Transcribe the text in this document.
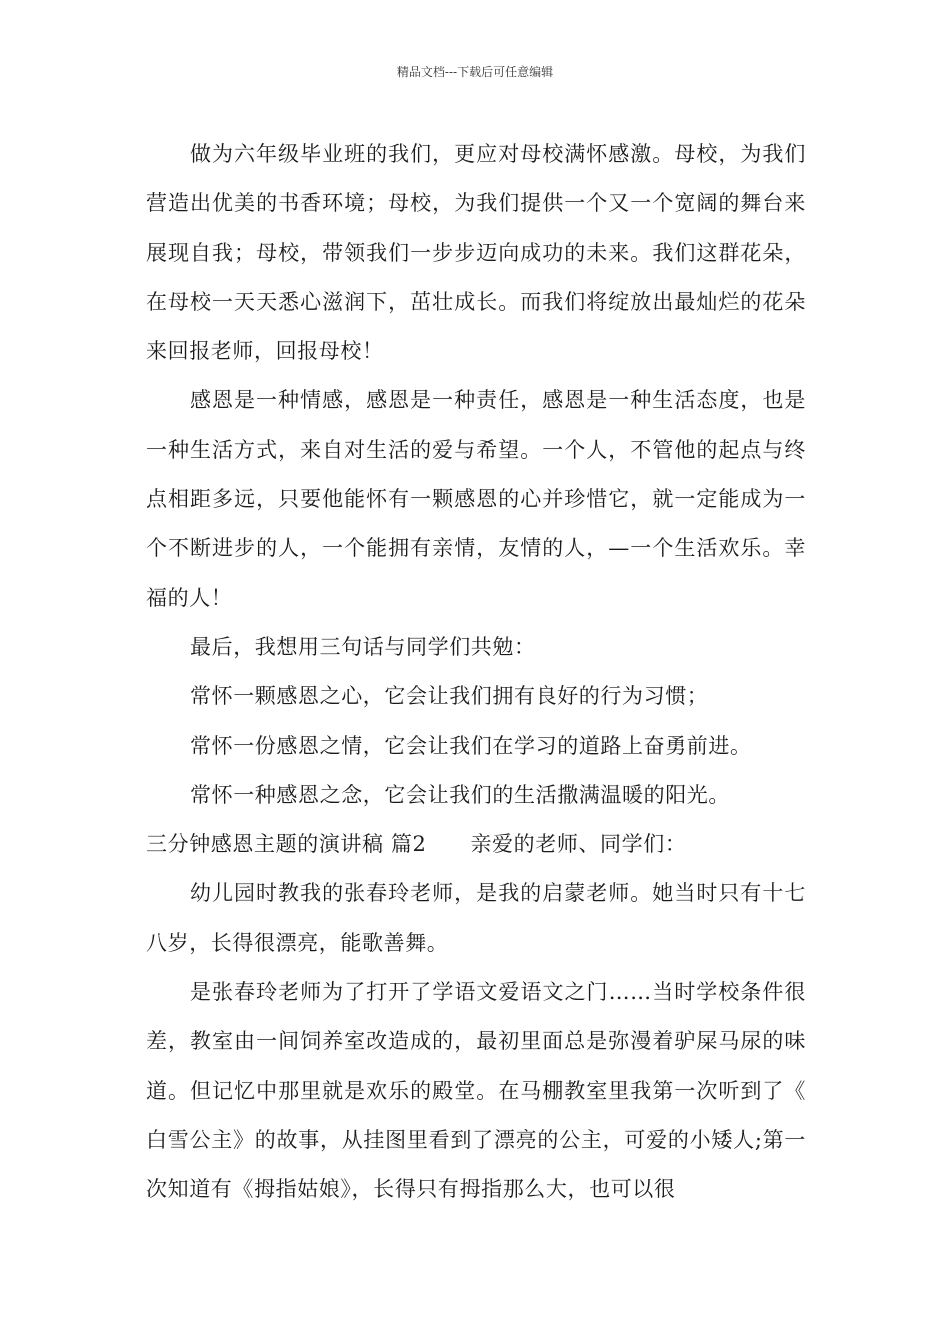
精品文档---下载后可任意编辑

做为六年级毕业班的我们，更应对母校满怀感激。母校，为我们营造出优美的书香环境；母校，为我们提供一个又一个宽阔的舞台来展现自我；母校，带领我们一步步迈向成功的未来。我们这群花朵，在母校一天天悉心滋润下，茁壮成长。而我们将绽放出最灿烂的花朵来回报老师，回报母校！

感恩是一种情感，感恩是一种责任，感恩是一种生活态度，也是一种生活方式，来自对生活的爱与希望。一个人，不管他的起点与终点相距多远，只要他能怀有一颗感恩的心并珍惜它，就一定能成为一个不断进步的人，一个能拥有亲情，友情的人，—一个生活欢乐。幸福的人！

最后，我想用三句话与同学们共勉：

常怀一颗感恩之心，它会让我们拥有良好的行为习惯；

常怀一份感恩之情，它会让我们在学习的道路上奋勇前进。

常怀一种感恩之念，它会让我们的生活撒满温暖的阳光。

三分钟感恩主题的演讲稿 篇2 亲爱的老师、同学们：

幼儿园时教我的张春玲老师，是我的启蒙老师。她当时只有十七八岁，长得很漂亮，能歌善舞。

是张春玲老师为了打开了学语文爱语文之门……当时学校条件很差，教室由一间饲养室改造成的，最初里面总是弥漫着驴屎马尿的味道。但记忆中那里就是欢乐的殿堂。在马棚教室里我第一次听到了《 白雪公主》的故事，从挂图里看到了漂亮的公主，可爱的小矮人;第一次知道有《拇指姑娘》，长得只有拇指那么大，也可以很
